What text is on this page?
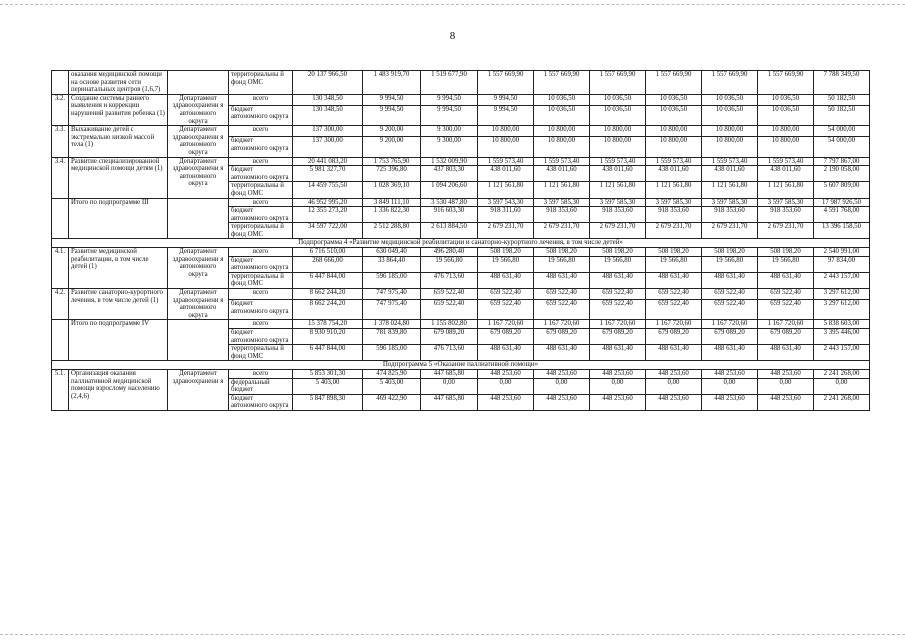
8
	оказания медицинской помощи на основе развития сети перинатальных центров (1,6,7)		территориальны й фонд ОМС	20 137 966,50	1 483 919,70	1 519 677,90	1 557 669,90	1 557 669,90	1 557 669,90	1 557 669,90	1 557 669,90	1 557 669,90	7 788 349,50
3.2.	Создание системы раннего выявления и коррекции нарушений развития ребенка (1)	Департамент здравоохранени я автономного округа	всего	130 348,50	9 994,50	9 994,50	9 994,50	10 036,50	10 036,50	10 036,50	10 036,50	10 036,50	50 182,50
			бюджет автономного округа	130 348,50	9 994,50	9 994,50	9 994,50	10 036,50	10 036,50	10 036,50	10 036,50	10 036,50	50 182,50
3.3.	Выхаживание детей с экстремально низкой массой тела (1)	Департамент здравоохранени я автономного округа	всего	137 300,00	9 200,00	9 300,00	10 800,00	10 800,00	10 800,00	10 800,00	10 800,00	10 800,00	54 000,00
			бюджет автономного округа	137 300,00	9 200,00	9 300,00	10 800,00	10 800,00	10 800,00	10 800,00	10 800,00	10 800,00	54 000,00
3.4.	Развитие специализированной медицинской помощи детям (1)	Департамент здравоохранени я автономного округа	всего	20 441 083,20	1 753 765,90	1 532 009,90	1 559 573,40	1 559 573,40	1 559 573,40	1 559 573,40	1 559 573,40	1 559 573,40	7 797 867,00
			бюджет автономного округа	5 981 327,70	725 396,80	437 803,30	438 011,60	438 011,60	438 011,60	438 011,60	438 011,60	438 011,60	2 190 058,00
			территориальны й фонд ОМС	14 459 755,50	1 028 369,10	1 094 206,60	1 121 561,80	1 121 561,80	1 121 561,80	1 121 561,80	1 121 561,80	1 121 561,80	5 607 809,00
	Итого по подпрограмме III		всего	46 952 995,20	3 849 111,10	3 530 487,80	3 597 543,30	3 597 585,30	3 597 585,30	3 597 585,30	3 597 585,30	3 597 585,30	17 987 926,50
			бюджет автономного округа	12 355 273,20	1 336 822,30	916 603,30	918 311,60	918 353,60	918 353,60	918 353,60	918 353,60	918 353,60	4 591 768,00
			территориальны й фонд ОМС	34 597 722,00	2 512 288,80	2 613 884,50	2 679 231,70	2 679 231,70	2 679 231,70	2 679 231,70	2 679 231,70	2 679 231,70	13 396 158,50
Подпрограмма 4 «Развитие медицинской реабилитации и санаторно-курортного лечения, в том числе детей»													
4.1.	Развитие медицинской реабилитации, в том числе детей (1)	Департамент здравоохранени я автономного округа	всего	6 716 510,00	630 049,40	496 280,40	508 198,20	508 198,20	508 198,20	508 198,20	508 198,20	508 198,20	2 540 991,00
			бюджет автономного округа	268 666,00	33 864,40	19 566,80	19 566,80	19 566,80	19 566,80	19 566,80	19 566,80	19 566,80	97 834,00
			территориальны й фонд ОМС	6 447 844,00	596 185,00	476 713,60	488 631,40	488 631,40	488 631,40	488 631,40	488 631,40	488 631,40	2 443 157,00
4.2.	Развитие санаторно-курортного лечения, в том числе детей (1)	Департамент здравоохранени я автономного округа	всего	8 662 244,20	747 975,40	659 522,40	659 522,40	659 522,40	659 522,40	659 522,40	659 522,40	659 522,40	3 297 612,00
			бюджет автономного округа	8 662 244,20	747 975,40	659 522,40	659 522,40	659 522,40	659 522,40	659 522,40	659 522,40	659 522,40	3 297 612,00
	Итого по подпрограмме IV		всего	15 378 754,20	1 378 024,80	1 155 802,80	1 167 720,60	1 167 720,60	1 167 720,60	1 167 720,60	1 167 720,60	1 167 720,60	5 838 603,00
			бюджет автономного округа	8 930 910,20	781 839,80	679 089,20	679 089,20	679 089,20	679 089,20	679 089,20	679 089,20	679 089,20	3 395 446,00
			территориальны й фонд ОМС	6 447 844,00	596 185,00	476 713,60	488 631,40	488 631,40	488 631,40	488 631,40	488 631,40	488 631,40	2 443 157,00
Подпрограмма 5 «Оказание паллиативной помощи»													
5.1.	Организация оказания паллиативной медицинской помощи взрослому населению (2,4,6)	Департамент здравоохранени я	всего	5 853 301,30	474 825,90	447 685,80	448 253,60	448 253,60	448 253,60	448 253,60	448 253,60	448 253,60	2 241 268,00
			федеральный бюджет	5 403,00	5 403,00	0,00	0,00	0,00	0,00	0,00	0,00	0,00	0,00
			бюджет автономного округа	5 847 898,30	469 422,90	447 685,80	448 253,60	448 253,60	448 253,60	448 253,60	448 253,60	448 253,60	2 241 268,00
